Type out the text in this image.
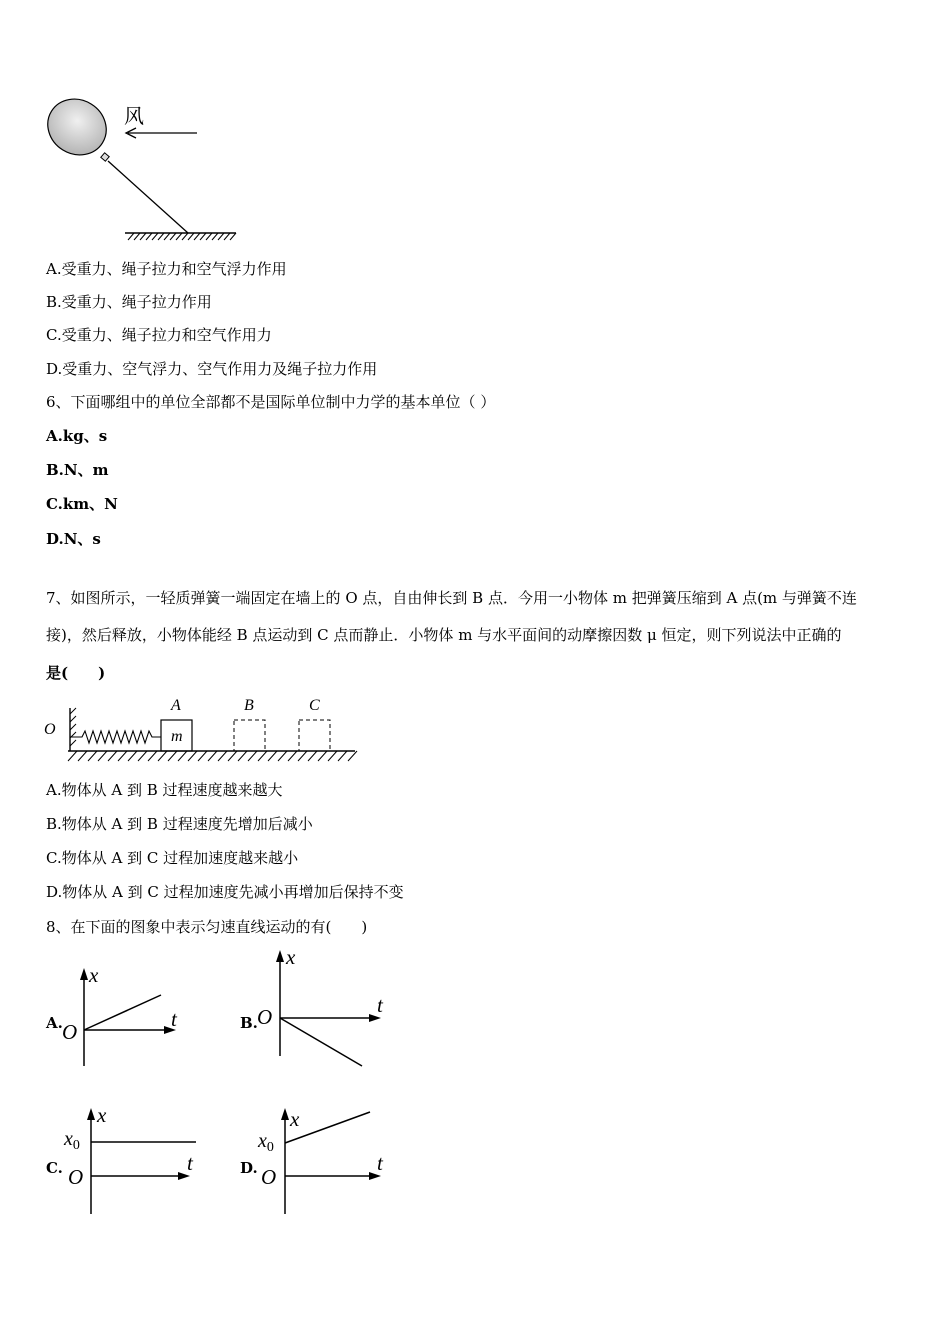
风
A.受重力、绳子拉力和空气浮力作用
B.受重力、绳子拉力作用
C.受重力、绳子拉力和空气作用力
D.受重力、空气浮力、空气作用力及绳子拉力作用
6、下面哪组中的单位全部都不是国际单位制中力学的基本单位（ ）
A.kg、s
B.N、m
C.km、N
D.N、s
7、如图所示，一轻质弹簧一端固定在墙上的 O 点，自由伸长到 B 点．今用一小物体 m 把弹簧压缩到 A 点(m 与弹簧不连
接)，然后释放，小物体能经 B 点运动到 C 点而静止．小物体 m 与水平面间的动摩擦因数 μ 恒定，则下列说法中正确的
是(　　)
O	m
A	B	C
A.物体从 A 到 B 过程速度越来越大
B.物体从 A 到 B 过程速度先增加后减小
C.物体从 A 到 C 过程加速度越来越小
D.物体从 A 到 C 过程加速度先减小再增加后保持不变
8、在下面的图象中表示匀速直线运动的有(　　)
A.
x
t
O	B.
x
t
O
C.
x
t
O
$x_0$
D.
x
t
O
$x_0$
